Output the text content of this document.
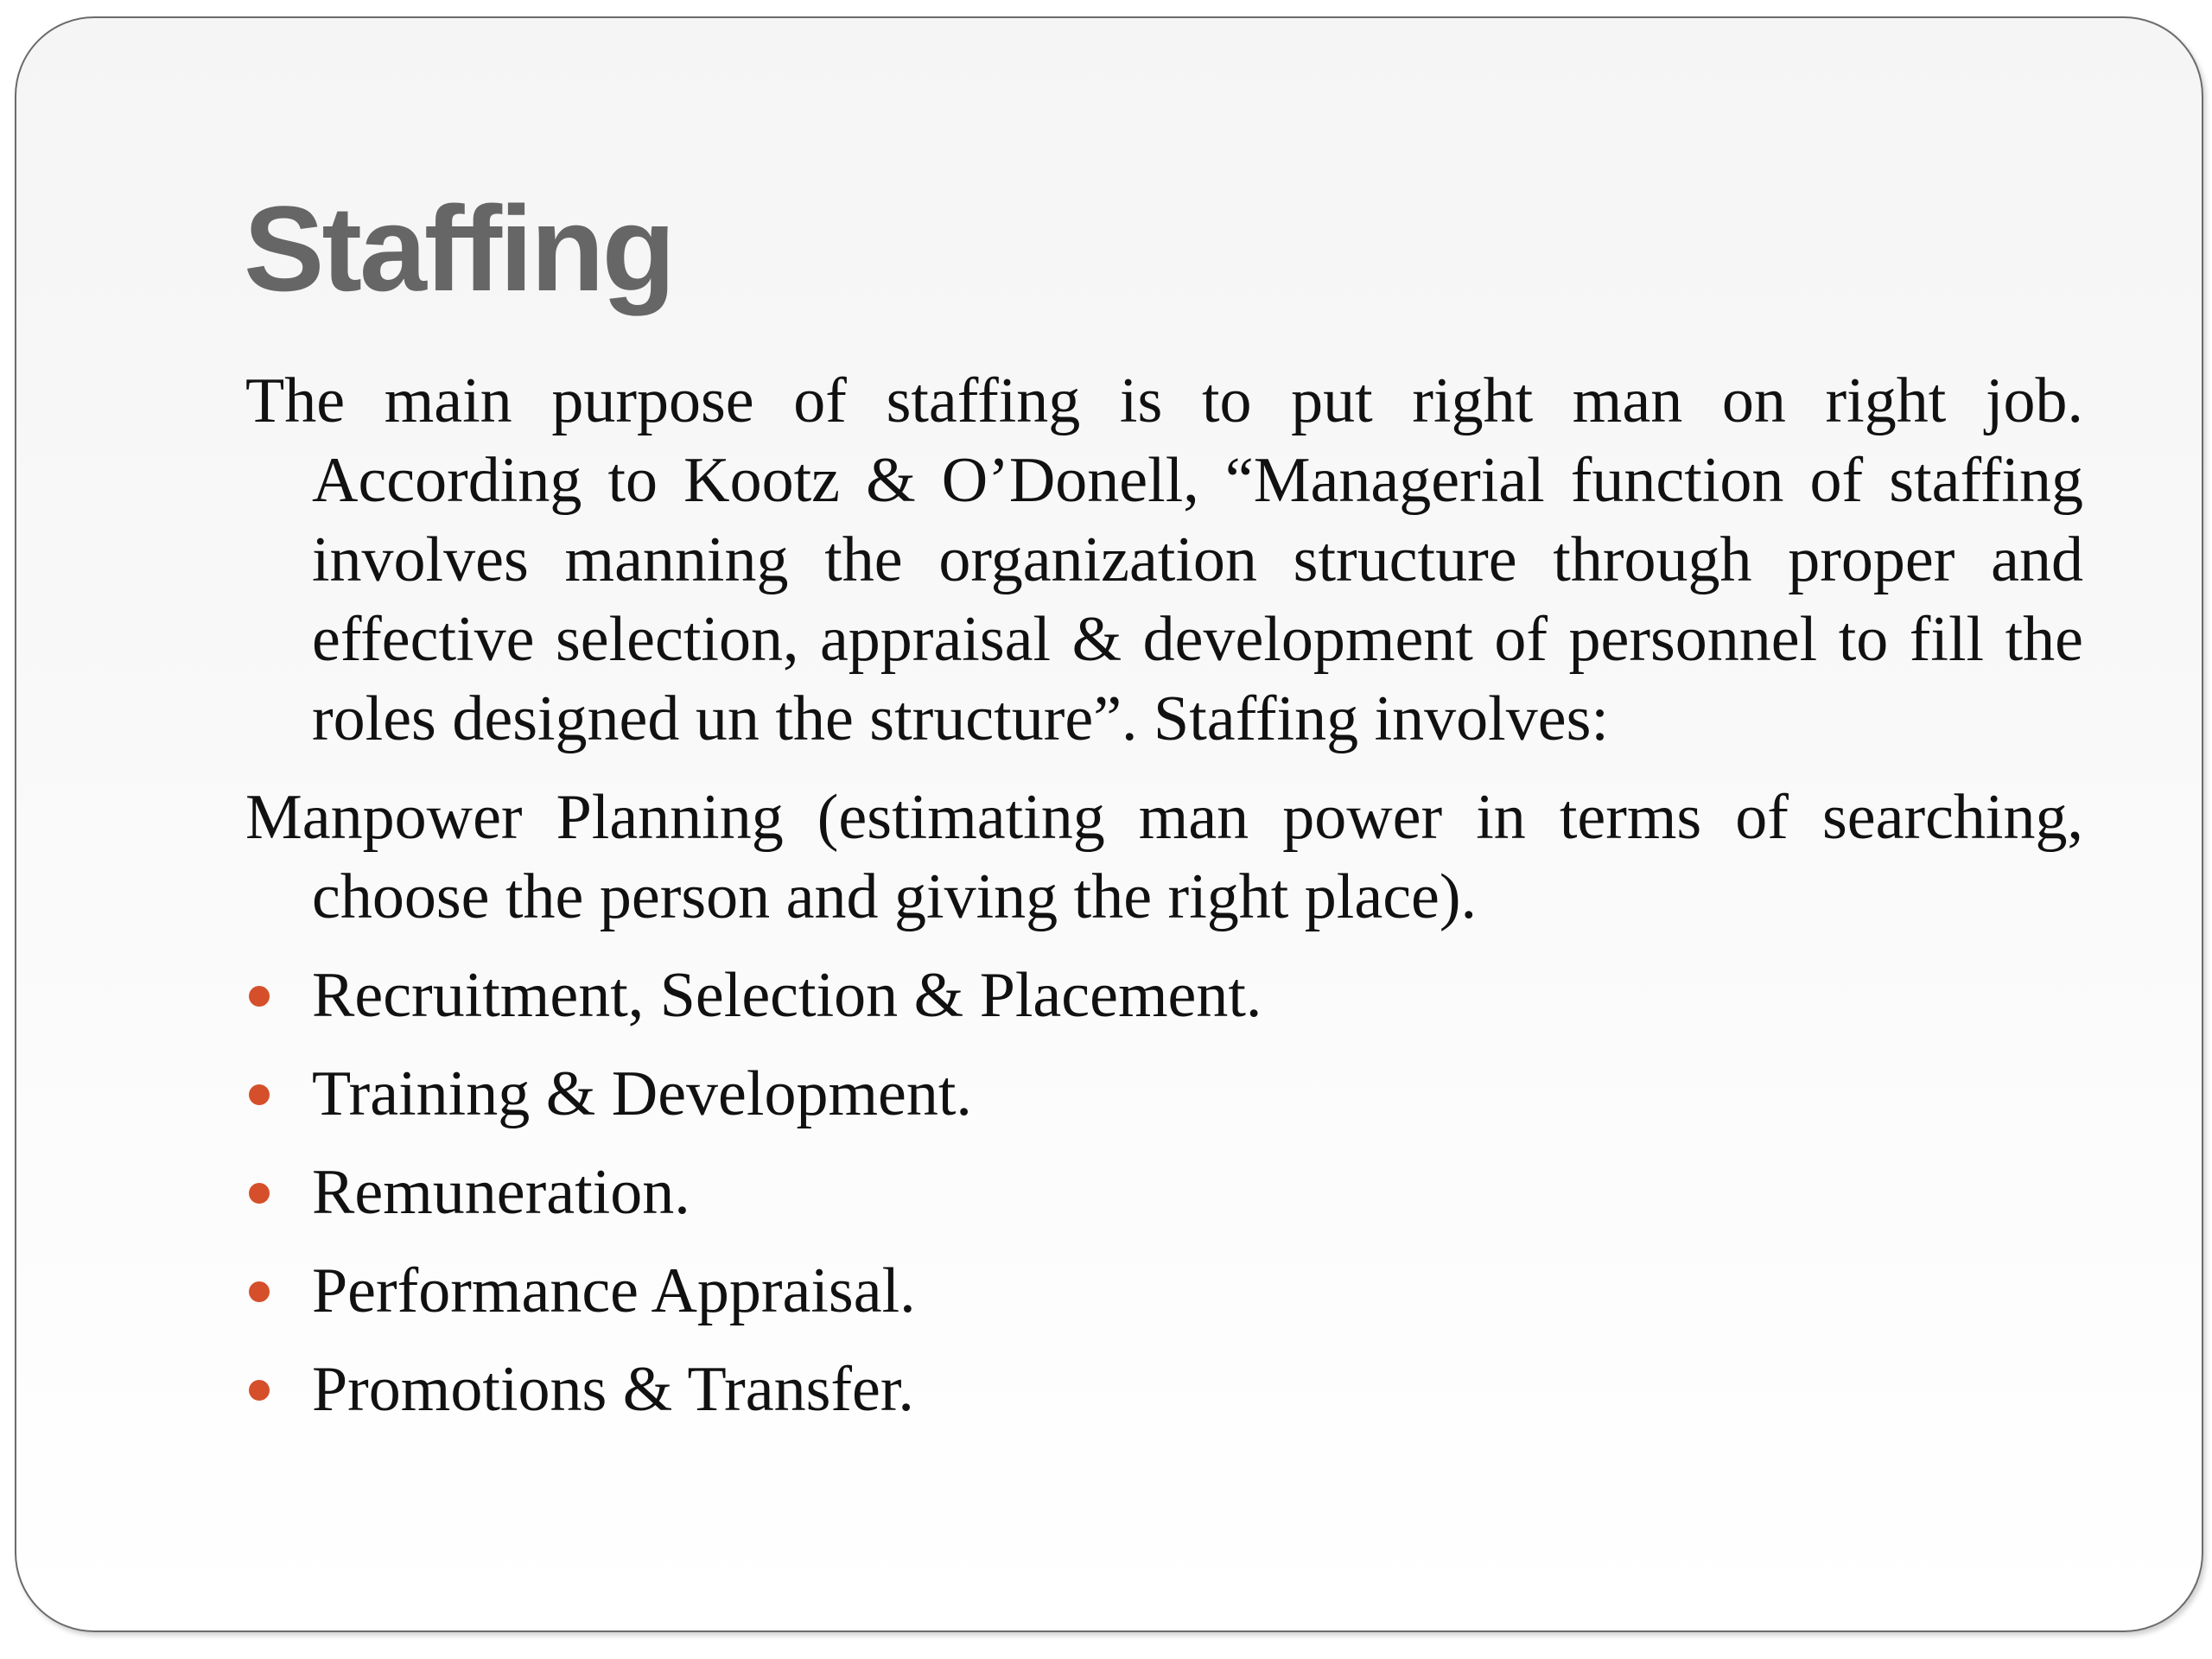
Staffing

The main purpose of staffing is to put right man on right job. According to Kootz & O’Donell, “Managerial function of staffing involves manning the organization structure through proper and effective selection, appraisal & development of personnel to fill the roles designed un the structure”. Staffing involves:

Manpower Planning (estimating man power in terms of searching, choose the person and giving the right place).

Recruitment, Selection & Placement.
Training & Development.
Remuneration.
Performance Appraisal.
Promotions & Transfer.
